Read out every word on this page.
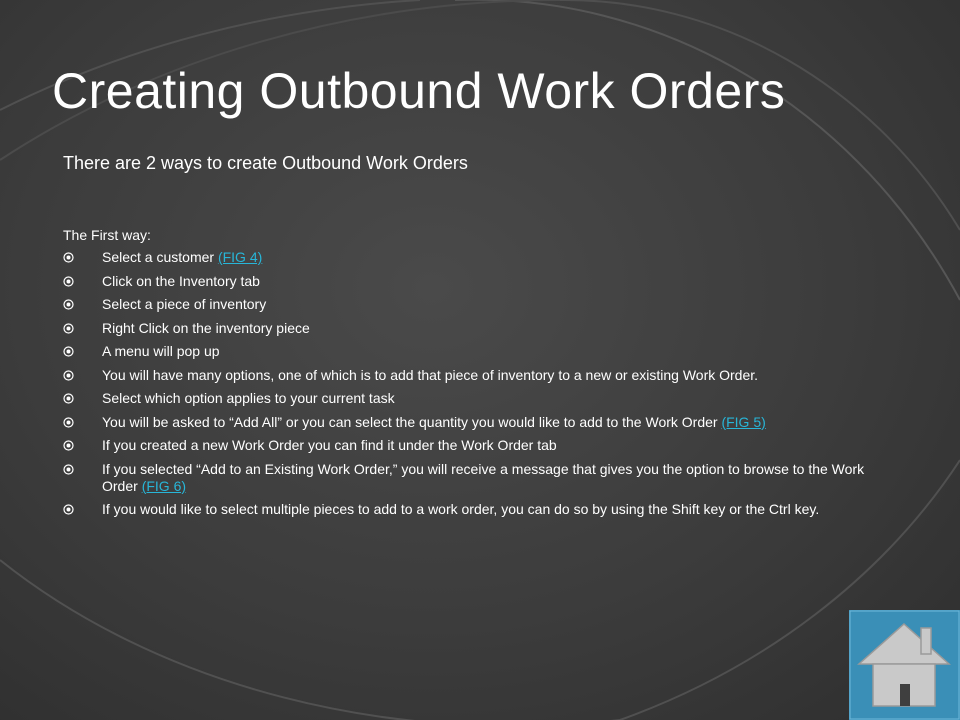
Creating Outbound Work Orders

There are 2 ways to create Outbound Work Orders

The First way:

Select a customer (FIG 4)
Click on the Inventory tab
Select a piece of inventory
Right Click on the inventory piece
A menu will pop up
You will have many options, one of which is to add that piece of inventory to a new or existing Work Order.
Select which option applies to your current task
You will be asked to “Add All” or you can select the quantity you would like to add to the Work Order (FIG 5)
If you created a new Work Order you can find it under the Work Order tab
If you selected “Add to an Existing Work Order,” you will receive a message that gives you the option to browse to the Work Order (FIG 6)
If you would like to select multiple pieces to add to a work order, you can do so by using the Shift key or the Ctrl key.
